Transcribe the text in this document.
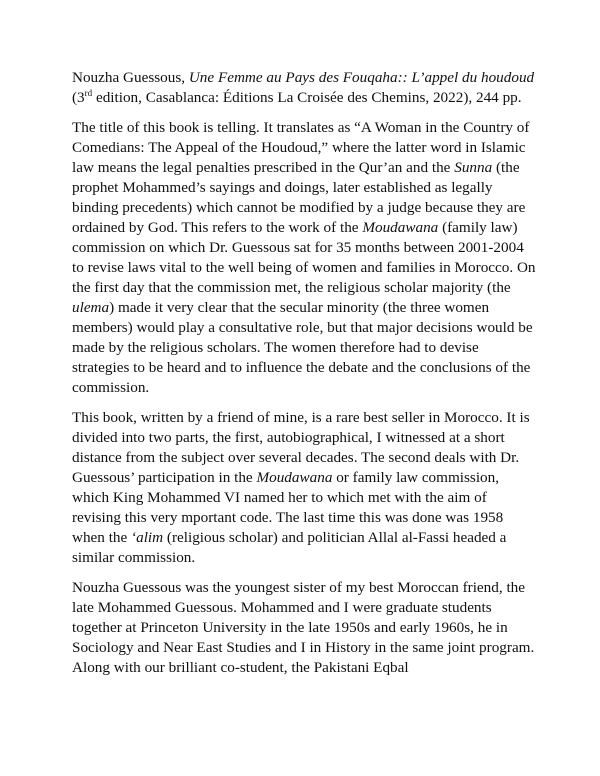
Nouzha Guessous, Une Femme au Pays des Fouqaha:: L’appel du houdoud (3rd edition, Casablanca: Éditions La Croisée des Chemins, 2022), 244 pp.

The title of this book is telling. It translates as “A Woman in the Country of Comedians: The Appeal of the Houdoud,” where the latter word in Islamic law means the legal penalties prescribed in the Qur’an and the Sunna (the prophet Mohammed’s sayings and doings, later established as legally binding precedents) which cannot be modified by a judge because they are ordained by God. This refers to the work of the Moudawana (family law) commission on which Dr. Guessous sat for 35 months between 2001-2004 to revise laws vital to the well being of women and families in Morocco. On the first day that the commission met, the religious scholar majority (the ulema) made it very clear that the secular minority (the three women members) would play a consultative role, but that major decisions would be made by the religious scholars. The women therefore had to devise strategies to be heard and to influence the debate and the conclusions of the commission.

This book, written by a friend of mine, is a rare best seller in Morocco. It is divided into two parts, the first, autobiographical, I witnessed at a short distance from the subject over several decades. The second deals with Dr. Guessous’ participation in the Moudawana or family law commission, which King Mohammed VI named her to which met with the aim of revising this very mportant code. The last time this was done was 1958 when the ‘alim (religious scholar) and politician Allal al-Fassi headed a similar commission.

Nouzha Guessous was the youngest sister of my best Moroccan friend, the late Mohammed Guessous. Mohammed and I were graduate students together at Princeton University in the late 1950s and early 1960s, he in Sociology and Near East Studies and I in History in the same joint program. Along with our brilliant co-student, the Pakistani Eqbal
